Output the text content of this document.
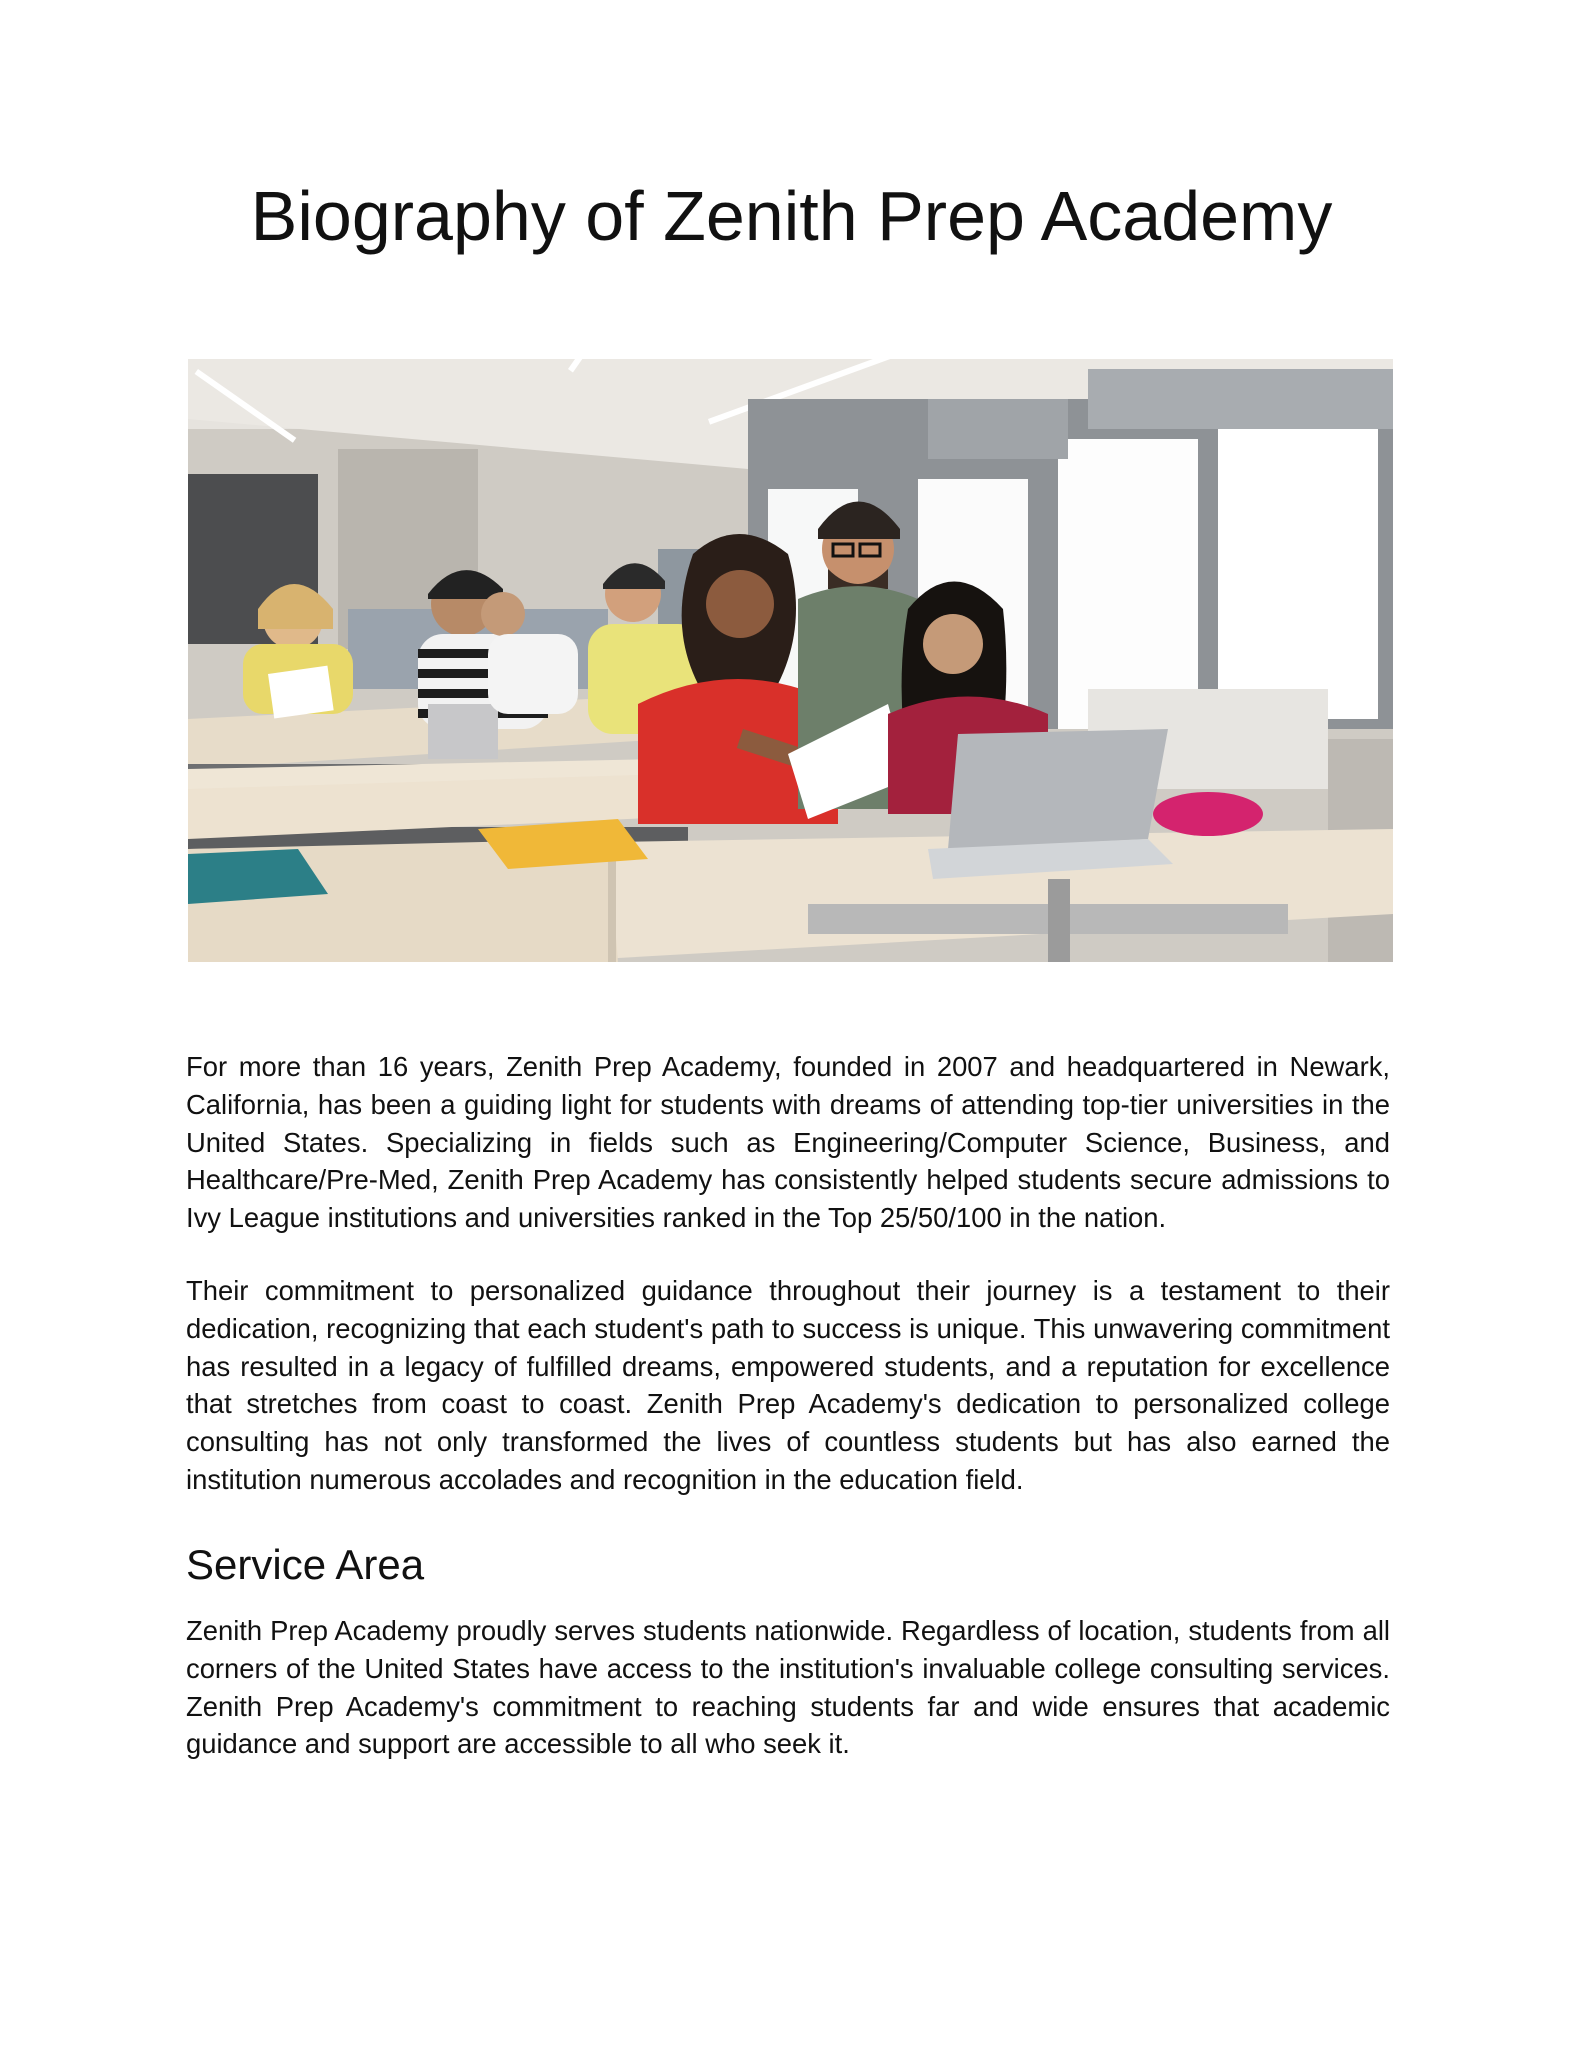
Biography of Zenith Prep Academy

For more than 16 years, Zenith Prep Academy, founded in 2007 and headquartered in Newark, California, has been a guiding light for students with dreams of attending top-tier universities in the United States. Specializing in fields such as Engineering/Computer Science, Business, and Healthcare/Pre-Med, Zenith Prep Academy has consistently helped students secure admissions to Ivy League institutions and universities ranked in the Top 25/50/100 in the nation.

Their commitment to personalized guidance throughout their journey is a testament to their dedication, recognizing that each student's path to success is unique. This unwavering commitment has resulted in a legacy of fulfilled dreams, empowered students, and a reputation for excellence that stretches from coast to coast. Zenith Prep Academy's dedication to personalized college consulting has not only transformed the lives of countless students but has also earned the institution numerous accolades and recognition in the education field.

Service Area

Zenith Prep Academy proudly serves students nationwide. Regardless of location, students from all corners of the United States have access to the institution's invaluable college consulting services. Zenith Prep Academy's commitment to reaching students far and wide ensures that academic guidance and support are accessible to all who seek it.
